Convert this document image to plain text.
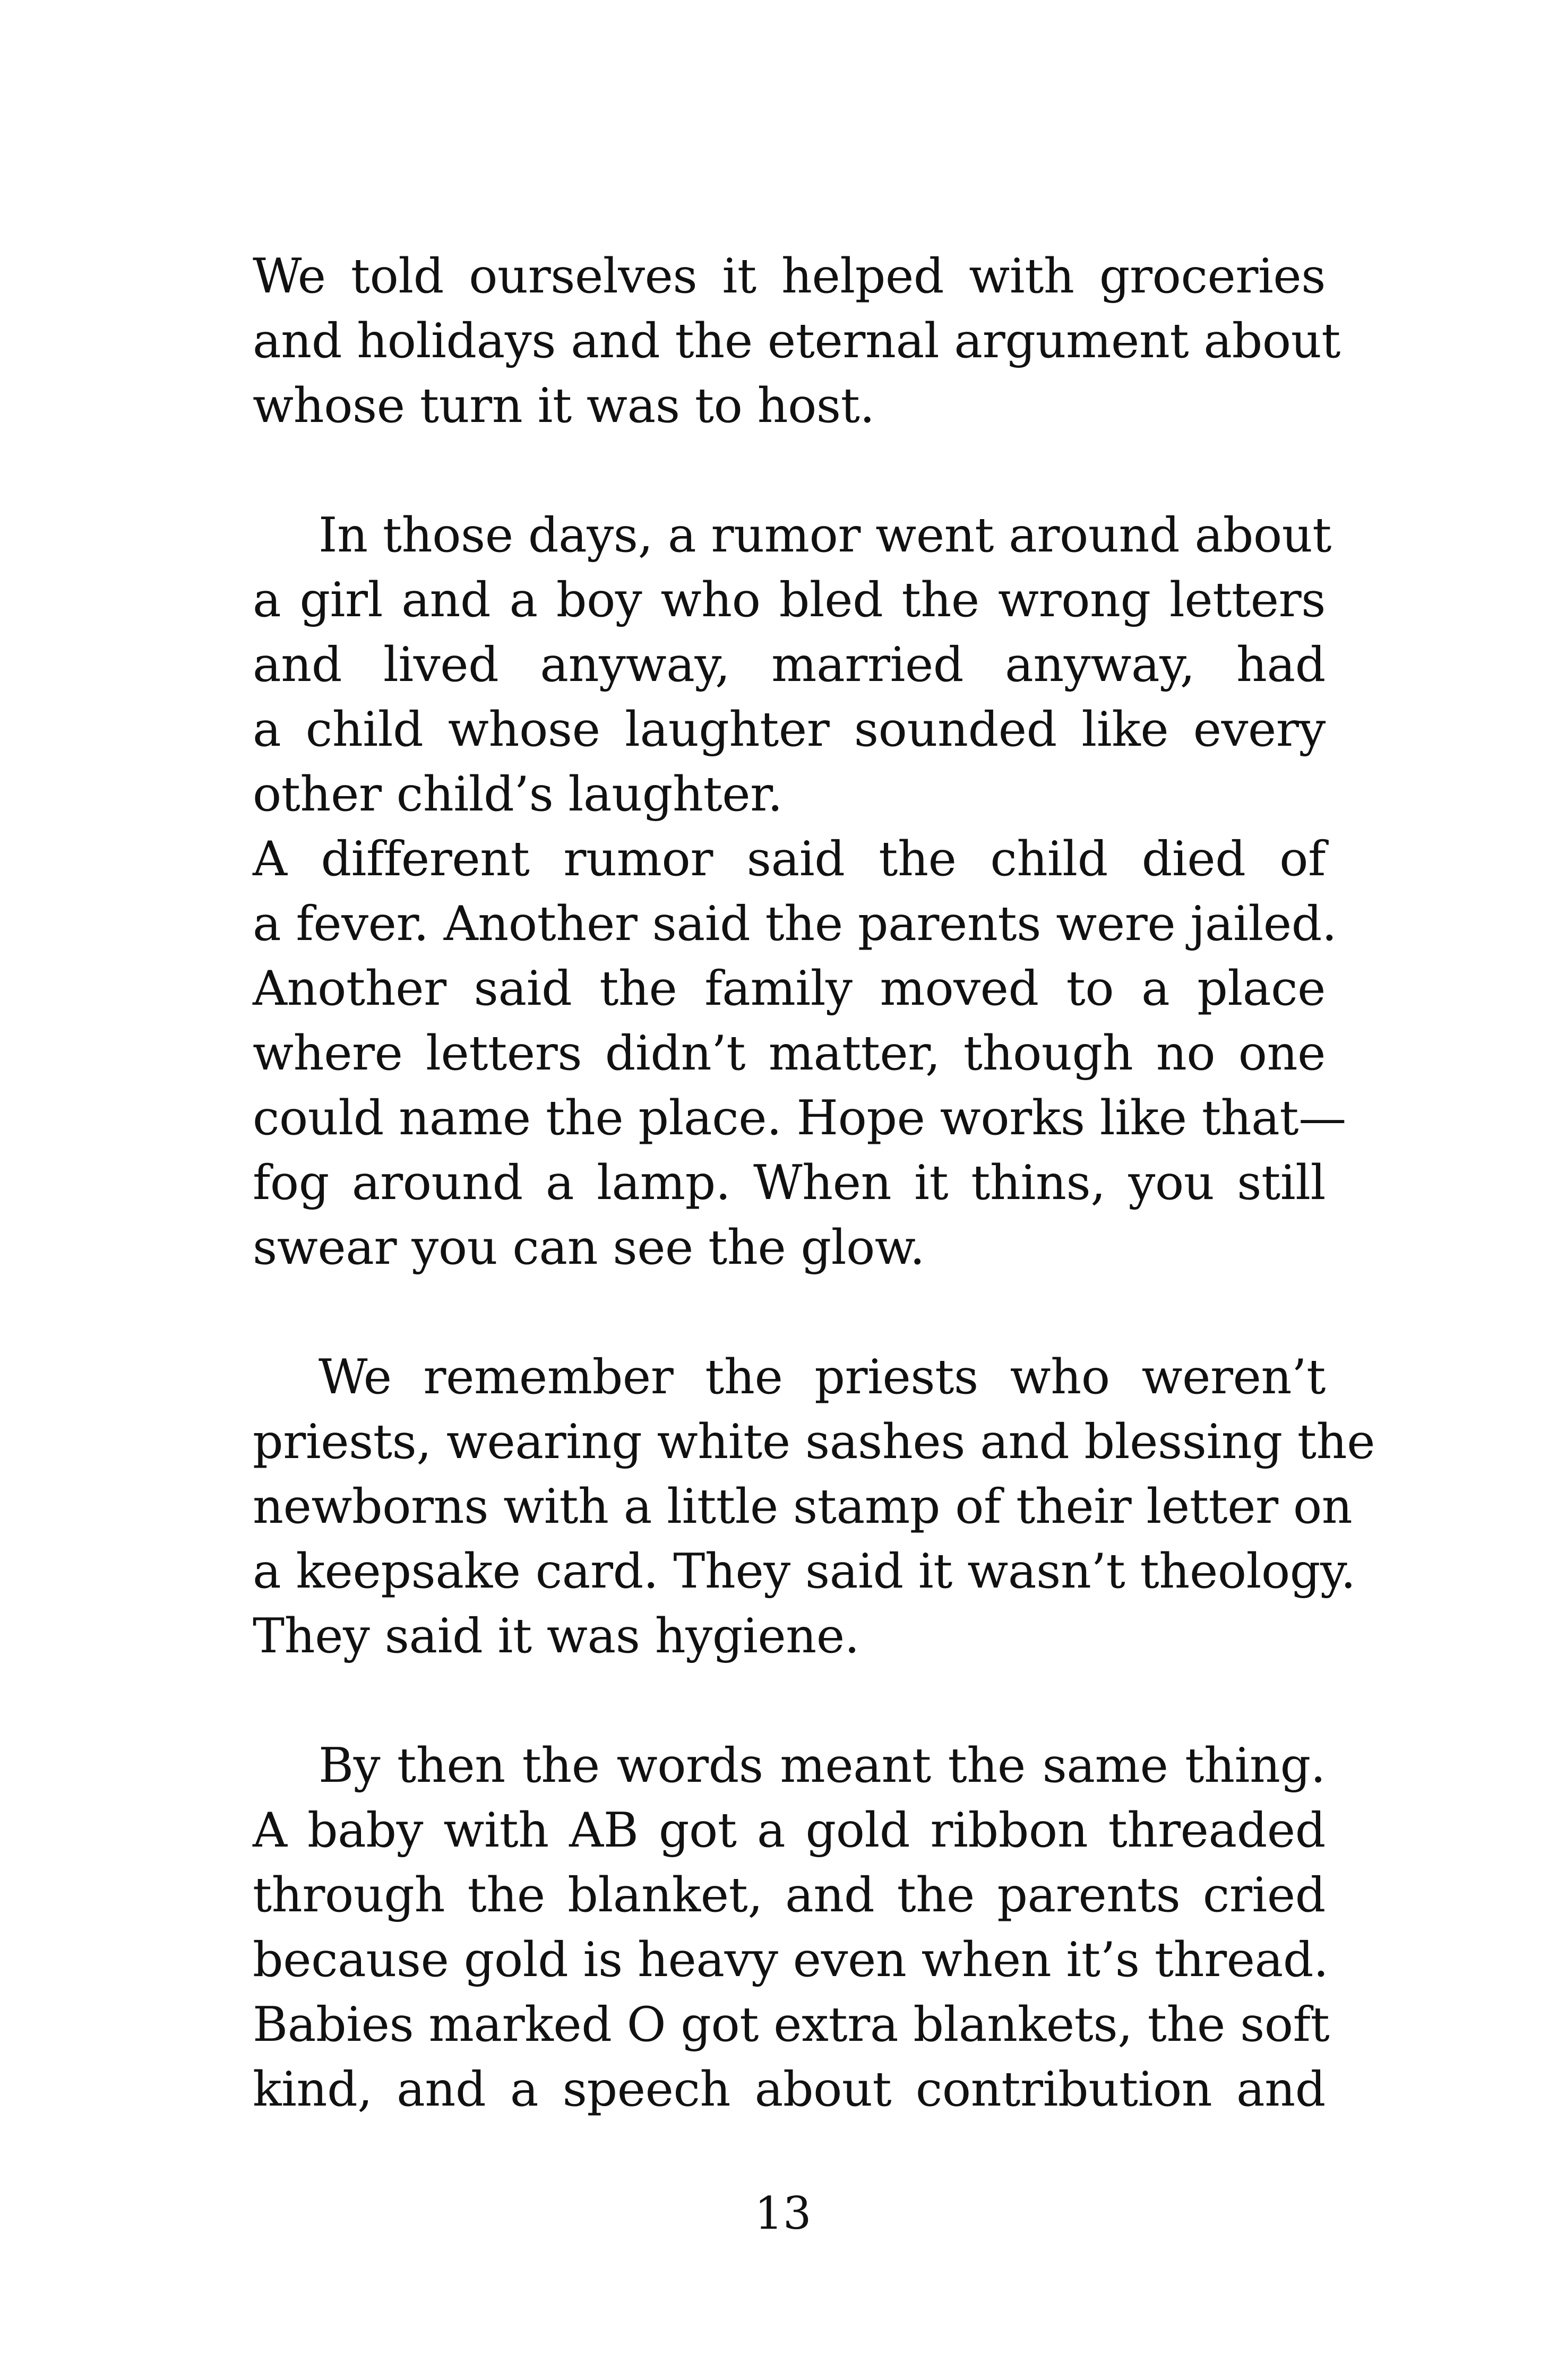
We told ourselves it helped with groceries
and holidays and the eternal argument about
whose turn it was to host.

In those days, a rumor went around about
a girl and a boy who bled the wrong letters
and lived anyway, married anyway, had
a child whose laughter sounded like every
other child’s laughter.

A different rumor said the child died of
a fever. Another said the parents were jailed.
Another said the family moved to a place
where letters didn’t matter, though no one
could name the place. Hope works like that—
fog around a lamp. When it thins, you still
swear you can see the glow.

We remember the priests who weren’t
priests, wearing white sashes and blessing the
newborns with a little stamp of their letter on
a keepsake card. They said it wasn’t theology.
They said it was hygiene.

By then the words meant the same thing.
A baby with AB got a gold ribbon threaded
through the blanket, and the parents cried
because gold is heavy even when it’s thread.
Babies marked O got extra blankets, the soft
kind, and a speech about contribution and

13
